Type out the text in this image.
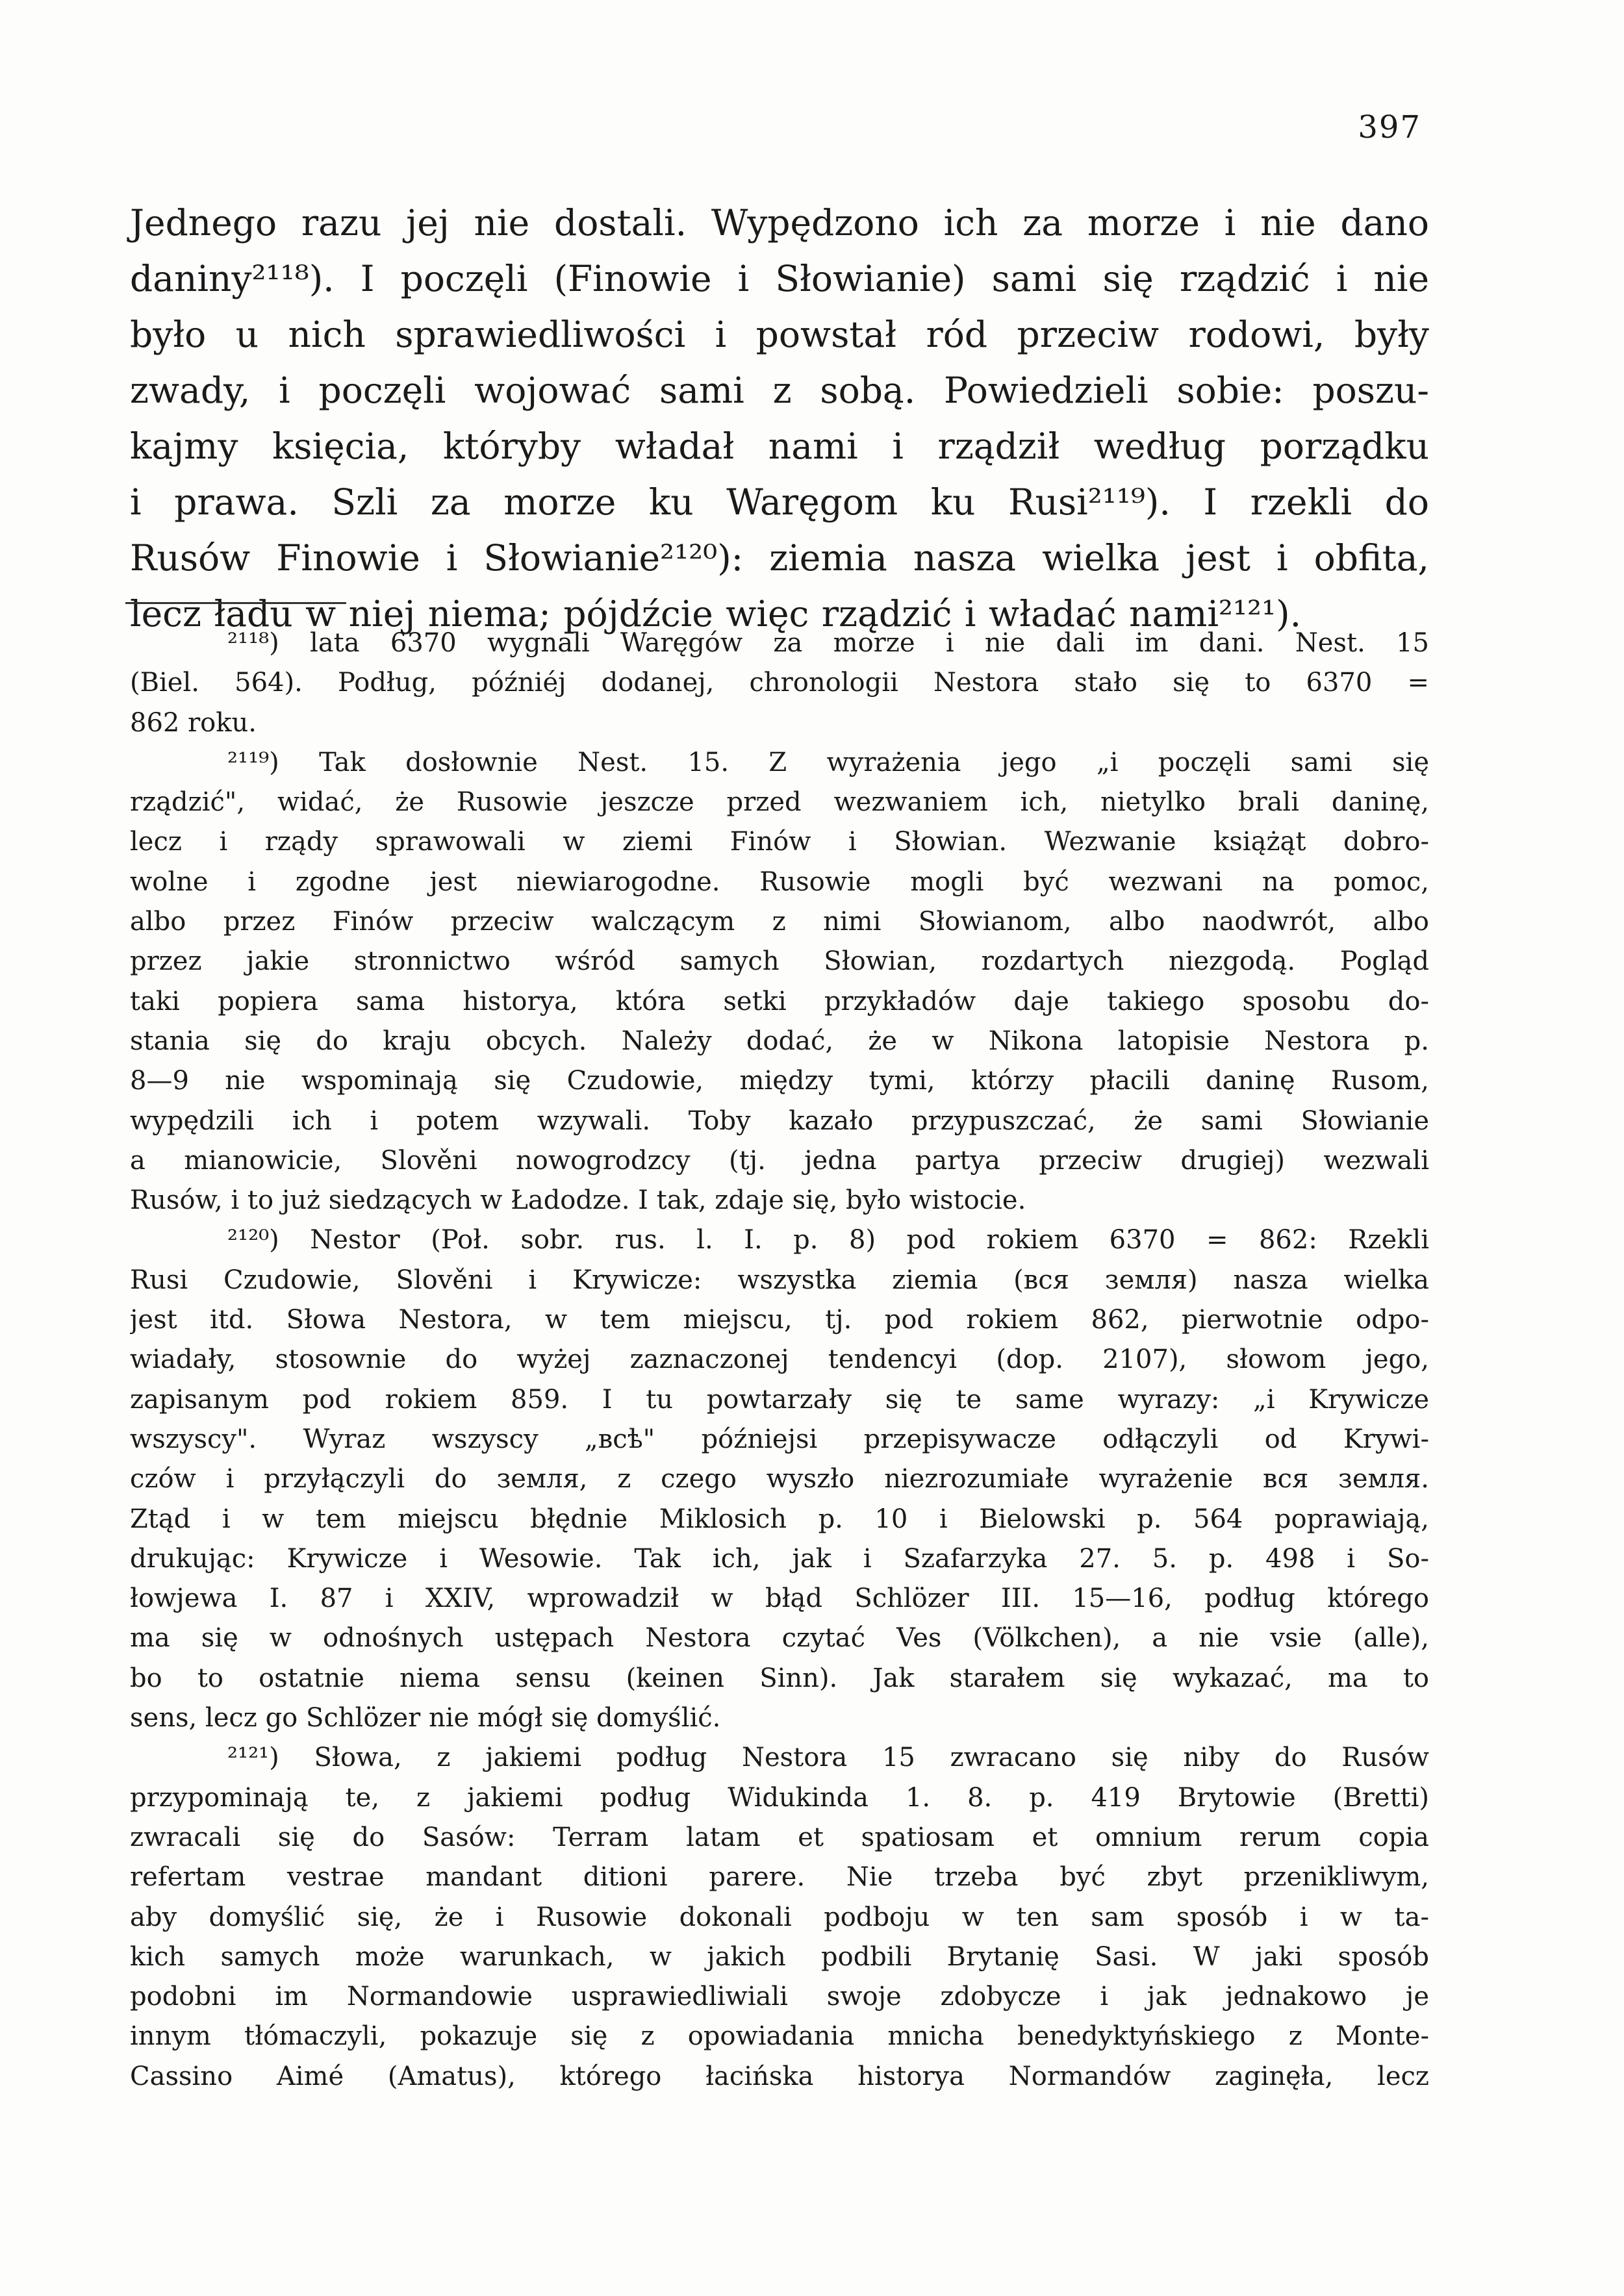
397
Jednego razu jej nie dostali. Wypędzono ich za morze i nie dano
daniny²¹¹⁸). I poczęli (Finowie i Słowianie) sami się rządzić i nie
było u nich sprawiedliwości i powstał ród przeciw rodowi, były
zwady, i poczęli wojować sami z sobą. Powiedzieli sobie: poszu-
kajmy księcia, któryby władał nami i rządził według porządku
i prawa. Szli za morze ku Waręgom ku Rusi²¹¹⁹). I rzekli do
Rusów Finowie i Słowianie²¹²⁰): ziemia nasza wielka jest i obfita,
lecz ładu w niej niema; pójdźcie więc rządzić i władać nami²¹²¹).
²¹¹⁸) lata 6370 wygnali Waręgów za morze i nie dali im dani. Nest. 15
(Biel. 564). Podług, późniéj dodanej, chronologii Nestora stało się to 6370 =
862 roku.
²¹¹⁹) Tak dosłownie Nest. 15. Z wyrażenia jego „i poczęli sami się
rządzić", widać, że Rusowie jeszcze przed wezwaniem ich, nietylko brali daninę,
lecz i rządy sprawowali w ziemi Finów i Słowian. Wezwanie książąt dobro-
wolne i zgodne jest niewiarogodne. Rusowie mogli być wezwani na pomoc,
albo przez Finów przeciw walczącym z nimi Słowianom, albo naodwrót, albo
przez jakie stronnictwo wśród samych Słowian, rozdartych niezgodą. Pogląd
taki popiera sama historya, która setki przykładów daje takiego sposobu do-
stania się do kraju obcych. Należy dodać, że w Nikona latopisie Nestora p.
8—9 nie wspominają się Czudowie, między tymi, którzy płacili daninę Rusom,
wypędzili ich i potem wzywali. Toby kazało przypuszczać, że sami Słowianie
a mianowicie, Slověni nowogrodzcy (tj. jedna partya przeciw drugiej) wezwali
Rusów, i to już siedzących w Ładodze. I tak, zdaje się, było wistocie.
²¹²⁰) Nestor (Poł. sobr. rus. l. I. p. 8) pod rokiem 6370 = 862: Rzekli
Rusi Czudowie, Slověni i Krywicze: wszystka ziemia (вся земля) nasza wielka
jest itd. Słowa Nestora, w tem miejscu, tj. pod rokiem 862, pierwotnie odpo-
wiadały, stosownie do wyżej zaznaczonej tendencyi (dop. 2107), słowom jego,
zapisanym pod rokiem 859. I tu powtarzały się te same wyrazy: „i Krywicze
wszyscy". Wyraz wszyscy „всѣ" późniejsi przepisywacze odłączyli od Krywi-
czów i przyłączyli do земля, z czego wyszło niezrozumiałe wyrażenie вся земля.
Ztąd i w tem miejscu błędnie Miklosich p. 10 i Bielowski p. 564 poprawiają,
drukując: Krywicze i Wesowie. Tak ich, jak i Szafarzyka 27. 5. p. 498 i So-
łowjewa I. 87 i XXIV, wprowadził w błąd Schlözer III. 15—16, podług którego
ma się w odnośnych ustępach Nestora czytać Ves (Völkchen), a nie vsie (alle),
bo to ostatnie niema sensu (keinen Sinn). Jak starałem się wykazać, ma to
sens, lecz go Schlözer nie mógł się domyślić.
²¹²¹) Słowa, z jakiemi podług Nestora 15 zwracano się niby do Rusów
przypominają te, z jakiemi podług Widukinda 1. 8. p. 419 Brytowie (Bretti)
zwracali się do Sasów: Terram latam et spatiosam et omnium rerum copia
refertam vestrae mandant ditioni parere. Nie trzeba być zbyt przenikliwym,
aby domyślić się, że i Rusowie dokonali podboju w ten sam sposób i w ta-
kich samych może warunkach, w jakich podbili Brytanię Sasi. W jaki sposób
podobni im Normandowie usprawiedliwiali swoje zdobycze i jak jednakowo je
innym tłómaczyli, pokazuje się z opowiadania mnicha benedyktyńskiego z Monte-
Cassino Aimé (Amatus), którego łacińska historya Normandów zaginęła, lecz
